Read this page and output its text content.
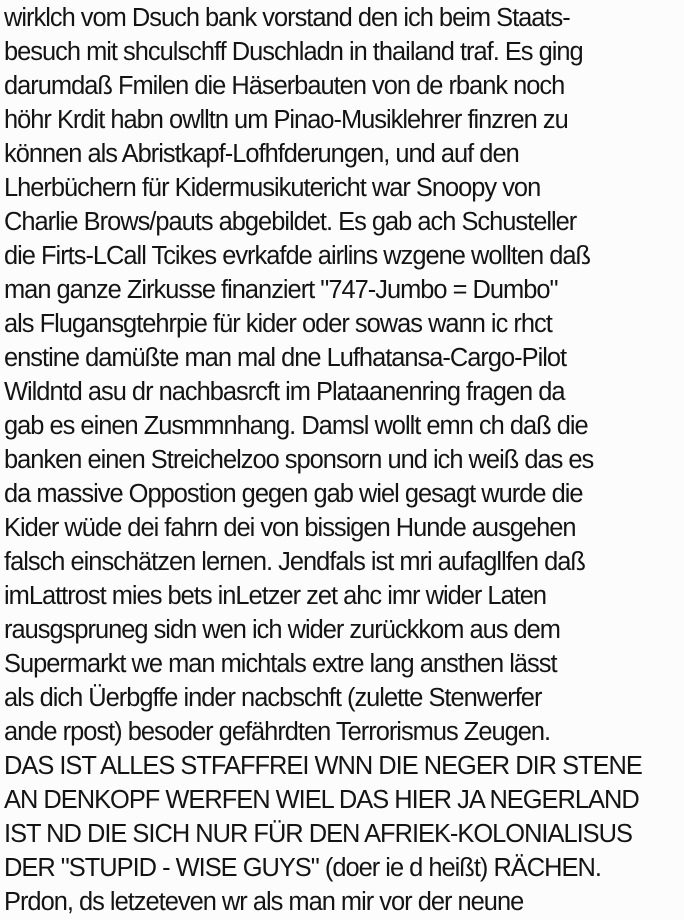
wirklch vom Dsuch bank vorstand den ich beim Staats-
besuch mit shculschff Duschladn in thailand traf. Es ging
darumdaß Fmilen die Häserbauten von de rbank noch
höhr Krdit habn owlltn um Pinao-Musiklehrer finzren zu
können als Abristkapf-Lofhfderungen, und auf den
Lherbüchern für Kidermusikutericht war Snoopy von
Charlie Brows/pauts abgebildet. Es gab ach Schusteller
die Firts-LCall Tcikes evrkafde airlins wzgene wollten daß
man ganze Zirkusse finanziert "747-Jumbo = Dumbo"
als Flugansgtehrpie für kider oder sowas wann ic rhct
enstine damüßte man mal dne Lufhatansa-Cargo-Pilot
Wildntd asu dr nachbasrcft im Plataanenring fragen da
gab es einen Zusmmnhang. Damsl wollt emn ch daß die
banken einen Streichelzoo sponsorn und ich weiß das es
da massive Oppostion gegen gab wiel gesagt wurde die
Kider wüde dei fahrn dei von bissigen Hunde ausgehen
falsch einschätzen lernen. Jendfals ist mri aufagllfen daß
imLattrost mies bets inLetzer zet ahc imr wider Laten
rausgspruneg sidn wen ich wider zurückkom aus dem
Supermarkt we man michtals extre lang ansthen lässt
als dich Üerbgffe inder nacbschft (zulette Stenwerfer
ande rpost) besoder gefährdten Terrorismus Zeugen.
DAS IST ALLES STFAFFREI WNN DIE NEGER DIR STENE
AN DENKOPF WERFEN WIEL DAS HIER JA NEGERLAND
IST ND DIE SICH NUR FÜR DEN AFRIEK-KOLONIALISUS
DER "STUPID - WISE GUYS" (doer ie d heißt) RÄCHEN.
Prdon, ds letzeteven wr als man mir vor der neune
